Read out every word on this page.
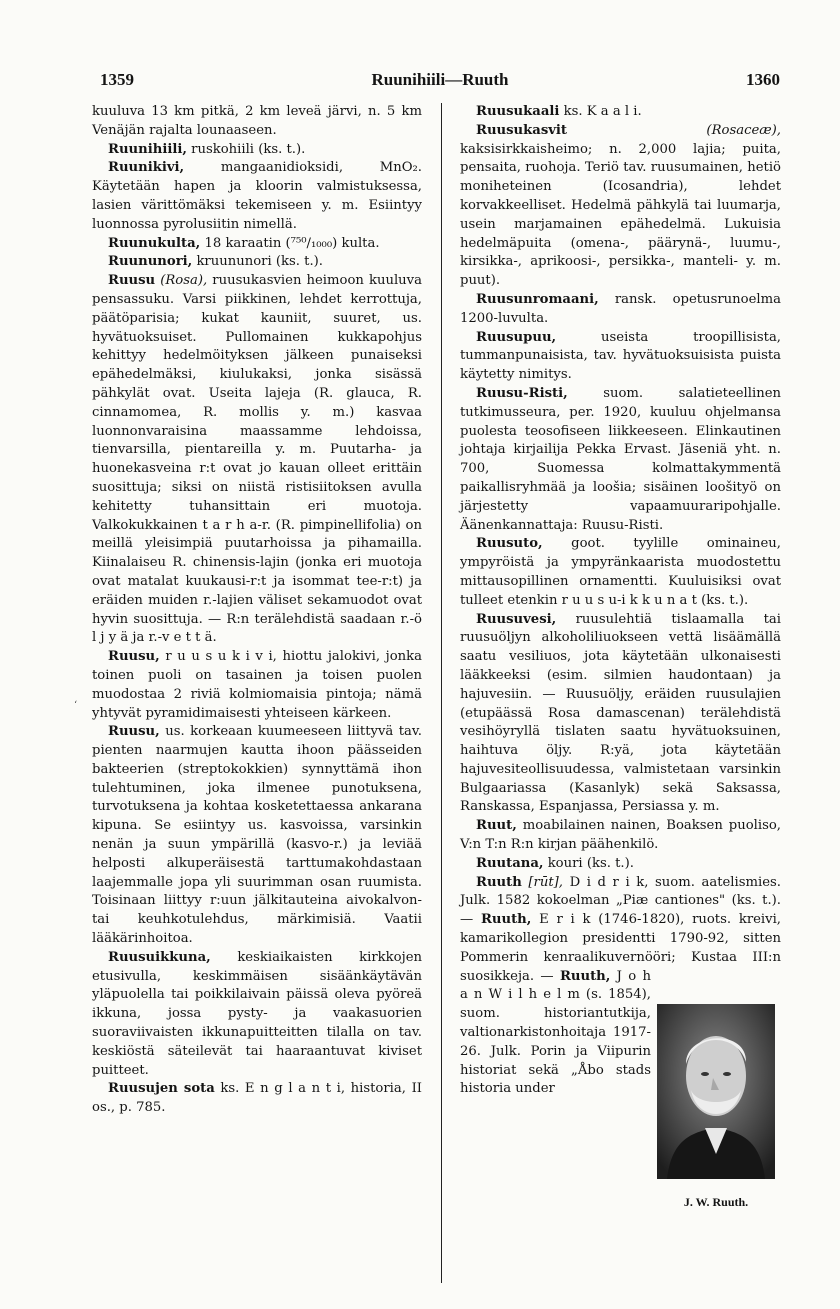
1359	Ruunihiili—Ruuth	1360
ʻ

kuuluva 13 km pitkä, 2 km leveä järvi, n. 5 km Venäjän rajalta lounaaseen.

Ruunihiili, ruskohiili (ks. t.).

Ruunikivi, mangaanidioksidi, MnO₂. Käytetään hapen ja kloorin valmistuksessa, lasien värittömäksi tekemiseen y. m. Esiintyy luonnossa pyrolusiitin nimellä.

Ruunukulta, 18 karaatin (⁷⁵⁰/₁₀₀₀) kulta.

Ruununori, kruununori (ks. t.).

Ruusu (Rosa), ruusukasvien heimoon kuuluva pensassuku. Varsi piikkinen, lehdet kerrottuja, päätöparisia; kukat kauniit, suuret, us. hyvätuoksuiset. Pullomainen kukkapohjus kehittyy hedelmöityksen jälkeen punaiseksi epähedelmäksi, kiulukaksi, jonka sisässä pähkylät ovat. Useita lajeja (R. glauca, R. cinnamomea, R. mollis y. m.) kasvaa luonnonvaraisina maassamme lehdoissa, tienvarsilla, pientareilla y. m. Puutarha- ja huonekasveina r:t ovat jo kauan olleet erittäin suosittuja; siksi on niistä ristisiitoksen avulla kehitetty tuhansittain eri muotoja. Valkokukkainen t a r h a-r. (R. pimpinellifolia) on meillä yleisimpiä puutarhoissa ja pihamailla. Kiinalaiseu R. chinensis-lajin (jonka eri muotoja ovat matalat kuukausi-r:t ja isommat tee-r:t) ja eräiden muiden r.-lajien väliset sekamuodot ovat hyvin suosittuja. — R:n terälehdistä saadaan r.-ö l j y ä ja r.-v e t t ä.

Ruusu, r u u s u k i v i, hiottu jalokivi, jonka toinen puoli on tasainen ja toisen puolen muodostaa 2 riviä kolmiomaisia pintoja; nämä yhtyvät pyramidimaisesti yhteiseen kärkeen.

Ruusu, us. korkeaan kuumeeseen liittyvä tav. pienten naarmujen kautta ihoon päässeiden bakteerien (streptokokkien) synnyttämä ihon tulehtuminen, joka ilmenee punotuksena, turvotuksena ja kohtaa kosketettaessa ankarana kipuna. Se esiintyy us. kasvoissa, varsinkin nenän ja suun ympärillä (kasvo-r.) ja leviää helposti alkuperäisestä tarttumakohdastaan laajemmalle jopa yli suurimman osan ruumista. Toisinaan liittyy r:uun jälkitauteina aivokalvon- tai keuhkotulehdus, märkimisiä. Vaatii lääkärinhoitoa.

Ruusuikkuna, keskiaikaisten kirkkojen etusivulla, keskimmäisen sisäänkäytävän yläpuolella tai poikkilaivain päissä oleva pyöreä ikkuna, jossa pysty- ja vaakasuorien suoraviivaisten ikkunapuitteitten tilalla on tav. keskiöstä säteilevät tai haaraantuvat kiviset puitteet.

Ruusujen sota ks. E n g l a n t i, historia, II os., p. 785.

Ruusukaali ks. K a a l i.

Ruusukasvit (Rosaceæ), kaksisirkkaisheimo; n. 2,000 lajia; puita, pensaita, ruohoja. Teriö tav. ruusumainen, hetiö moniheteinen (Icosandria), lehdet korvakkeelliset. Hedelmä pähkylä tai luumarja, usein marjamainen epähedelmä. Lukuisia hedelmäpuita (omena-, päärynä-, luumu-, kirsikka-, aprikoosi-, persikka-, manteli- y. m. puut).

Ruusunromaani, ransk. opetusrunoelma 1200-luvulta.

Ruusupuu, useista troopillisista, tummanpunaisista, tav. hyvätuoksuisista puista käytetty nimitys.

Ruusu-Risti, suom. salatieteellinen tutkimusseura, per. 1920, kuuluu ohjelmansa puolesta teosofiseen liikkeeseen. Elinkautinen johtaja kirjailija Pekka Ervast. Jäseniä yht. n. 700, Suomessa kolmattakymmentä paikallisryhmää ja loošia; sisäinen loošityö on järjestetty vapaamuuraripohjalle. Äänenkannattaja: Ruusu-Risti.

Ruusuto, goot. tyylille ominaineu, ympyröistä ja ympyränkaarista muodostettu mittausopillinen ornamentti. Kuuluisiksi ovat tulleet etenkin r u u s u-i k k u n a t (ks. t.).

Ruusuvesi, ruusulehtiä tislaamalla tai ruusuöljyn alkoholiliuokseen vettä lisäämällä saatu vesiliuos, jota käytetään ulkonaisesti lääkkeeksi (esim. silmien haudontaan) ja hajuvesiin. — Ruusuöljy, eräiden ruusulajien (etupäässä Rosa damascenan) terälehdistä vesihöyryllä tislaten saatu hyvätuoksuinen, haihtuva öljy. R:yä, jota käytetään hajuvesiteollisuudessa, valmistetaan varsinkin Bulgaariassa (Kasanlyk) sekä Saksassa, Ranskassa, Espanjassa, Persiassa y. m.

Ruut, moabilainen nainen, Boaksen puoliso, V:n T:n R:n kirjan päähenkilö.

Ruutana, kouri (ks. t.).

Ruuth [rūt], D i d r i k, suom. aatelismies. Julk. 1582 kokoelman „Piæ cantiones" (ks. t.). — Ruuth, E r i k (1746-1820), ruots. kreivi, kamarikollegion presidentti 1790-92, sitten Pommerin kenraalikuvernööri; Kustaa III:n suosikkeja. —
J. W. Ruuth.
Ruuth, J o h a n W i l h e l m (s. 1854), suom. historiantutkija, valtionarkistonhoitaja 1917-26. Julk. Porin ja Viipurin historiat sekä „Åbo stads historia under
